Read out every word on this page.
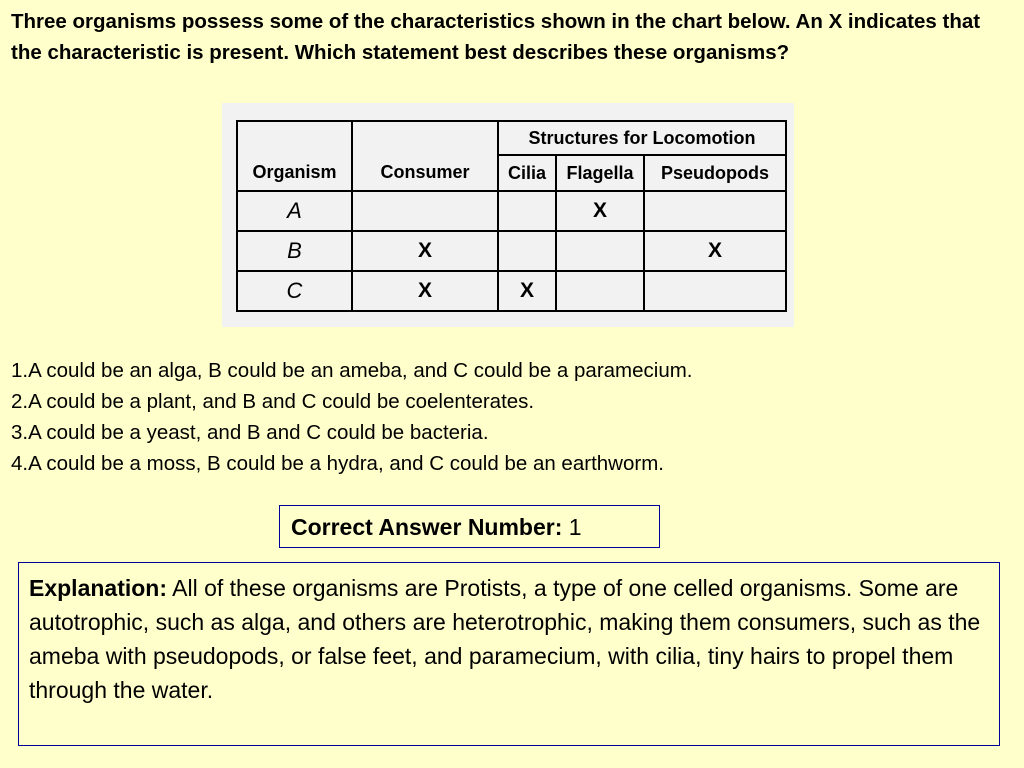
Three organisms possess some of the characteristics shown in the chart below. An X indicates that the characteristic is present. Which statement best describes these organisms?

		Structures for Locomotion		
Organism	Consumer	Cilia	Flagella	Pseudopods
A			X	
B	X			X
C	X	X		
1.A could be an alga, B could be an ameba, and C could be a paramecium.
2.A could be a plant, and B and C could be coelenterates.
3.A could be a yeast, and B and C could be bacteria.
4.A could be a moss, B could be a hydra, and C could be an earthworm.
Correct Answer Number: 1
Explanation: All of these organisms are Protists, a type of one celled organisms. Some are autotrophic, such as alga, and others are heterotrophic, making them consumers, such as the ameba with pseudopods, or false feet, and paramecium, with cilia, tiny hairs to propel them through the water.
